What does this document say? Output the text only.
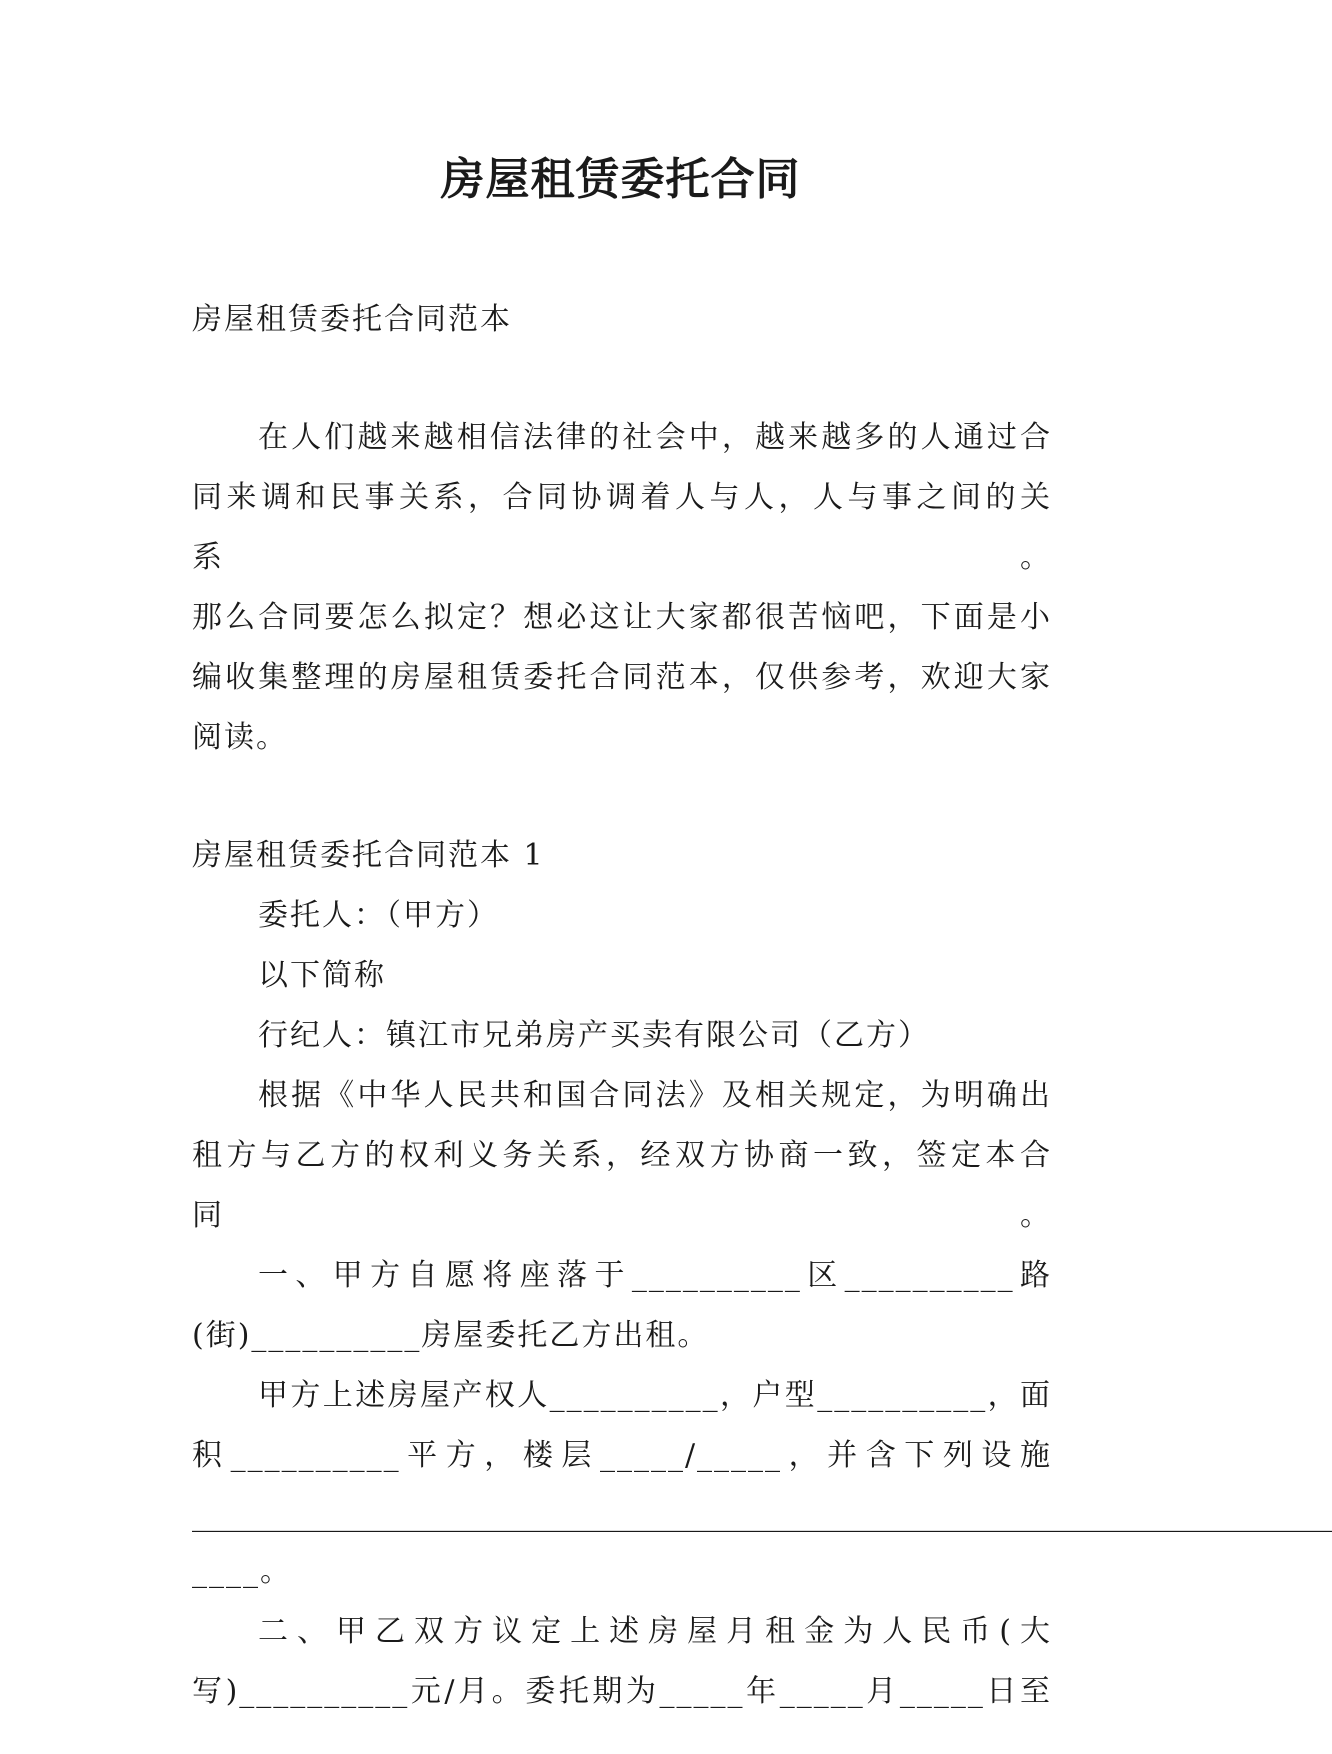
房屋租赁委托合同

房屋租赁委托合同范本

在人们越来越相信法律的社会中，越来越多的人通过合

同来调和民事关系，合同协调着人与人，人与事之间的关系。

那么合同要怎么拟定？想必这让大家都很苦恼吧，下面是小

编收集整理的房屋租赁委托合同范本，仅供参考，欢迎大家

阅读。

房屋租赁委托合同范本 1

委托人：（甲方）

以下简称

行纪人：镇江市兄弟房产买卖有限公司（乙方）

根据《中华人民共和国合同法》及相关规定，为明确出

租方与乙方的权利义务关系，经双方协商一致，签定本合同。

一、甲方自愿将座落于__________区__________路

(街)__________房屋委托乙方出租。

甲方上述房屋产权人__________，户型__________，面

积__________平方，楼层_____/_____，并含下列设施

____________________________________________________________________________

____。

二、甲乙双方议定上述房屋月租金为人民币(大

写)__________元/月。委托期为_____年_____月_____日至
